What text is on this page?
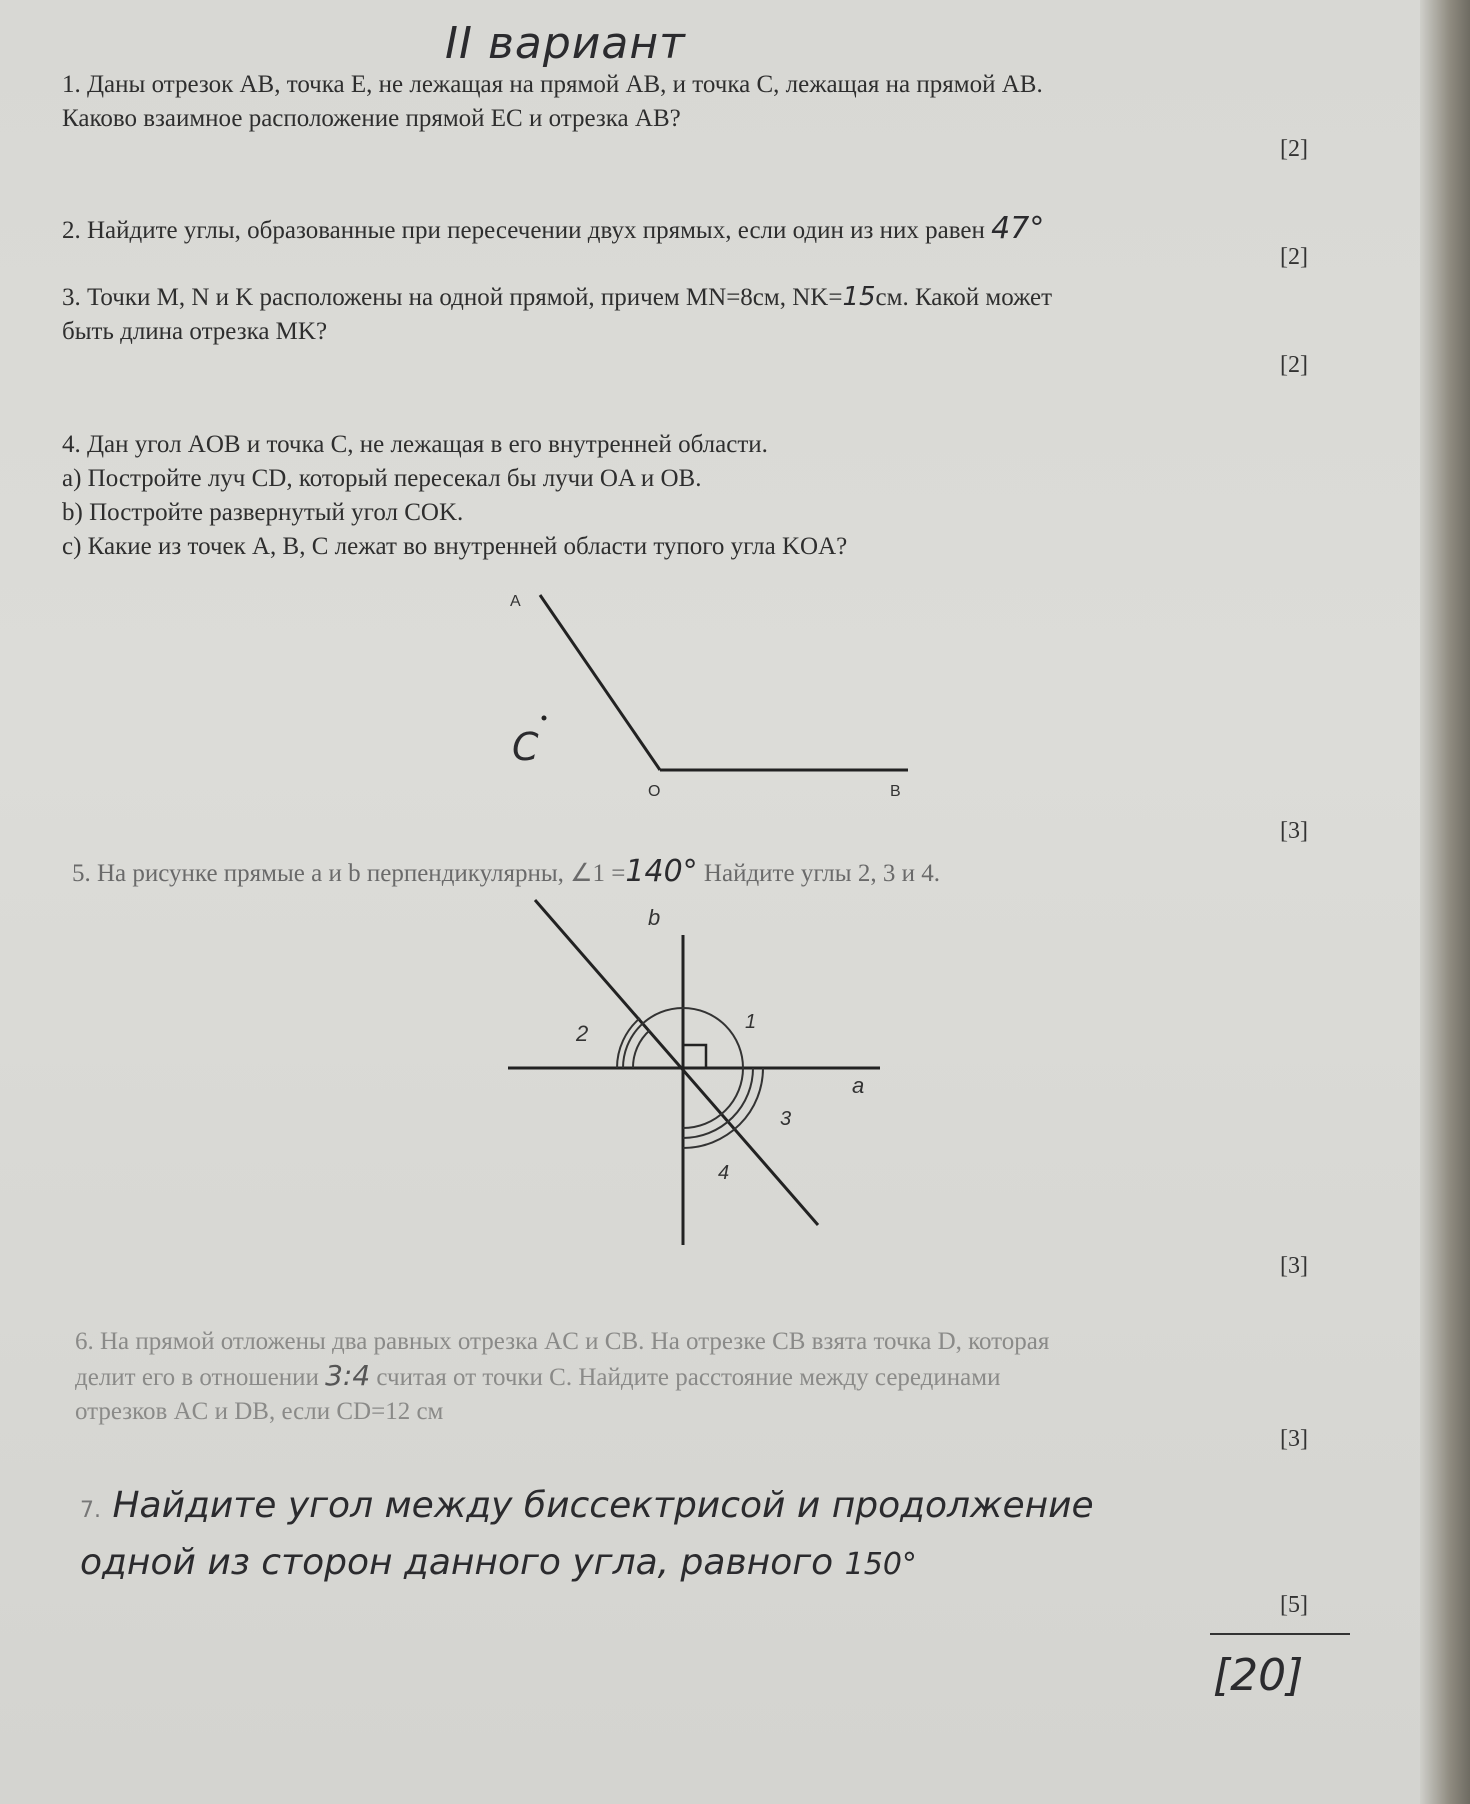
II вариант
1. Даны отрезок AB, точка E, не лежащая на прямой AB, и точка C, лежащая на прямой AB.
Каково взаимное расположение прямой EC и отрезка AB?
[2]
2. Найдите углы, образованные при пересечении двух прямых, если один из них равен 47°
[2]
3. Точки M, N и K расположены на одной прямой, причем MN=8см, NK=15см. Какой может
быть длина отрезка MK?
[2]
4. Дан угол AOB и точка C, не лежащая в его внутренней области.
a) Постройте луч CD, который пересекал бы лучи OA и OB.
b) Постройте развернутый угол COK.
c) Какие из точек A, B, C лежат во внутренней области тупого угла KOA?
A
O	B
C
[3]
5. На рисунке прямые a и b перпендикулярны, ∠1 =140° Найдите углы 2, 3 и 4.
b
a
1
2
3
4
[3]
6. На прямой отложены два равных отрезка AC и CB. На отрезке CB взята точка D, которая
делит его в отношении 3:4 считая от точки C. Найдите расстояние между серединами
отрезков AC и DB, если CD=12 см
[3]
7. Найдите угол между биссектрисой и продолжение
одной из сторон данного угла, равного 150°
[5]
[20]
